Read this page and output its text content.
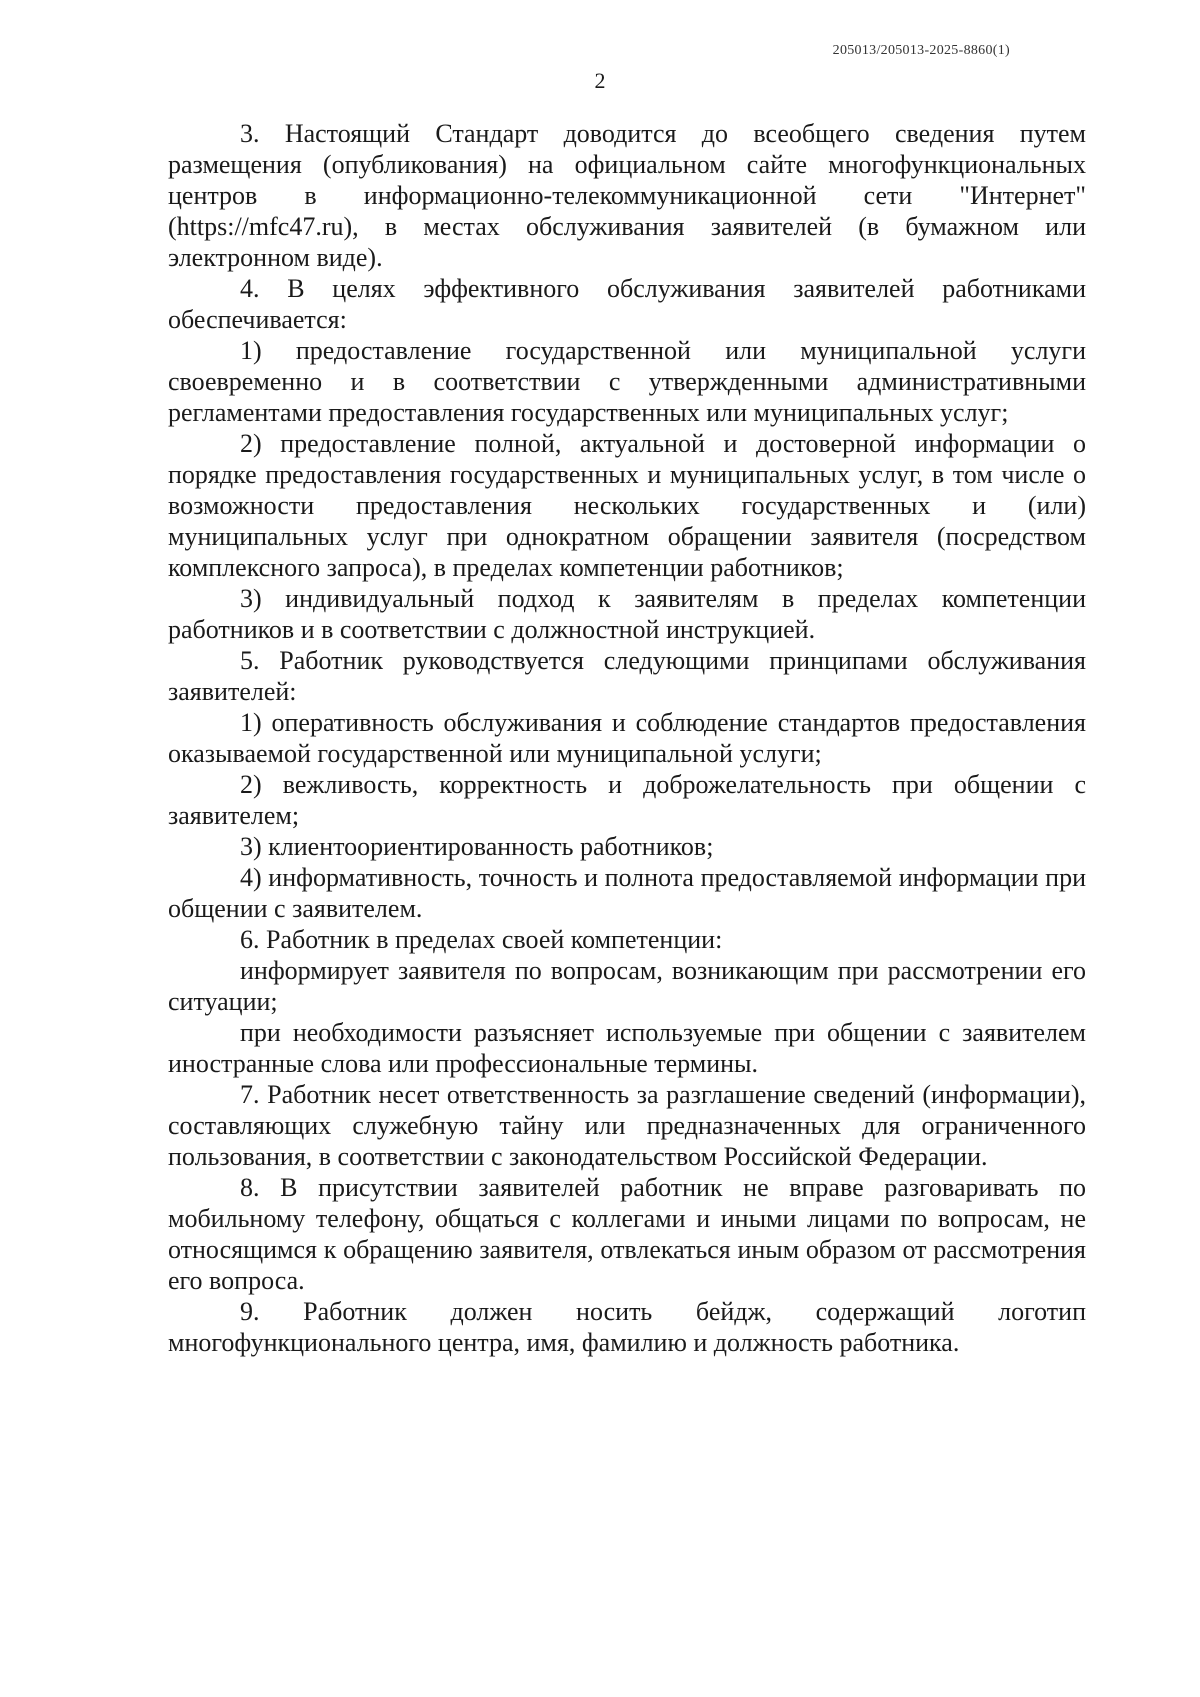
205013/205013-2025-8860(1)
2

3. Настоящий Стандарт доводится до всеобщего сведения путем размещения (опубликования) на официальном сайте многофункциональных центров в информационно-телекоммуникационной сети "Интернет" (https://mfc47.ru), в местах обслуживания заявителей (в бумажном или электронном виде).

4. В целях эффективного обслуживания заявителей работниками обеспечивается:

1) предоставление государственной или муниципальной услуги своевременно и в соответствии с утвержденными административными регламентами предоставления государственных или муниципальных услуг;

2) предоставление полной, актуальной и достоверной информации о порядке предоставления государственных и муниципальных услуг, в том числе о возможности предоставления нескольких государственных и (или) муниципальных услуг при однократном обращении заявителя (посредством комплексного запроса), в пределах компетенции работников;

3) индивидуальный подход к заявителям в пределах компетенции работников и в соответствии с должностной инструкцией.

5. Работник руководствуется следующими принципами обслуживания заявителей:

1) оперативность обслуживания и соблюдение стандартов предоставления оказываемой государственной или муниципальной услуги;

2) вежливость, корректность и доброжелательность при общении с заявителем;

3) клиентоориентированность работников;

4) информативность, точность и полнота предоставляемой информации при общении с заявителем.

6. Работник в пределах своей компетенции:

информирует заявителя по вопросам, возникающим при рассмотрении его ситуации;

при необходимости разъясняет используемые при общении с заявителем иностранные слова или профессиональные термины.

7. Работник несет ответственность за разглашение сведений (информации), составляющих служебную тайну или предназначенных для ограниченного пользования, в соответствии с законодательством Российской Федерации.

8. В присутствии заявителей работник не вправе разговаривать по мобильному телефону, общаться с коллегами и иными лицами по вопросам, не относящимся к обращению заявителя, отвлекаться иным образом от рассмотрения его вопроса.

9. Работник должен носить бейдж, содержащий логотип многофункционального центра, имя, фамилию и должность работника.
